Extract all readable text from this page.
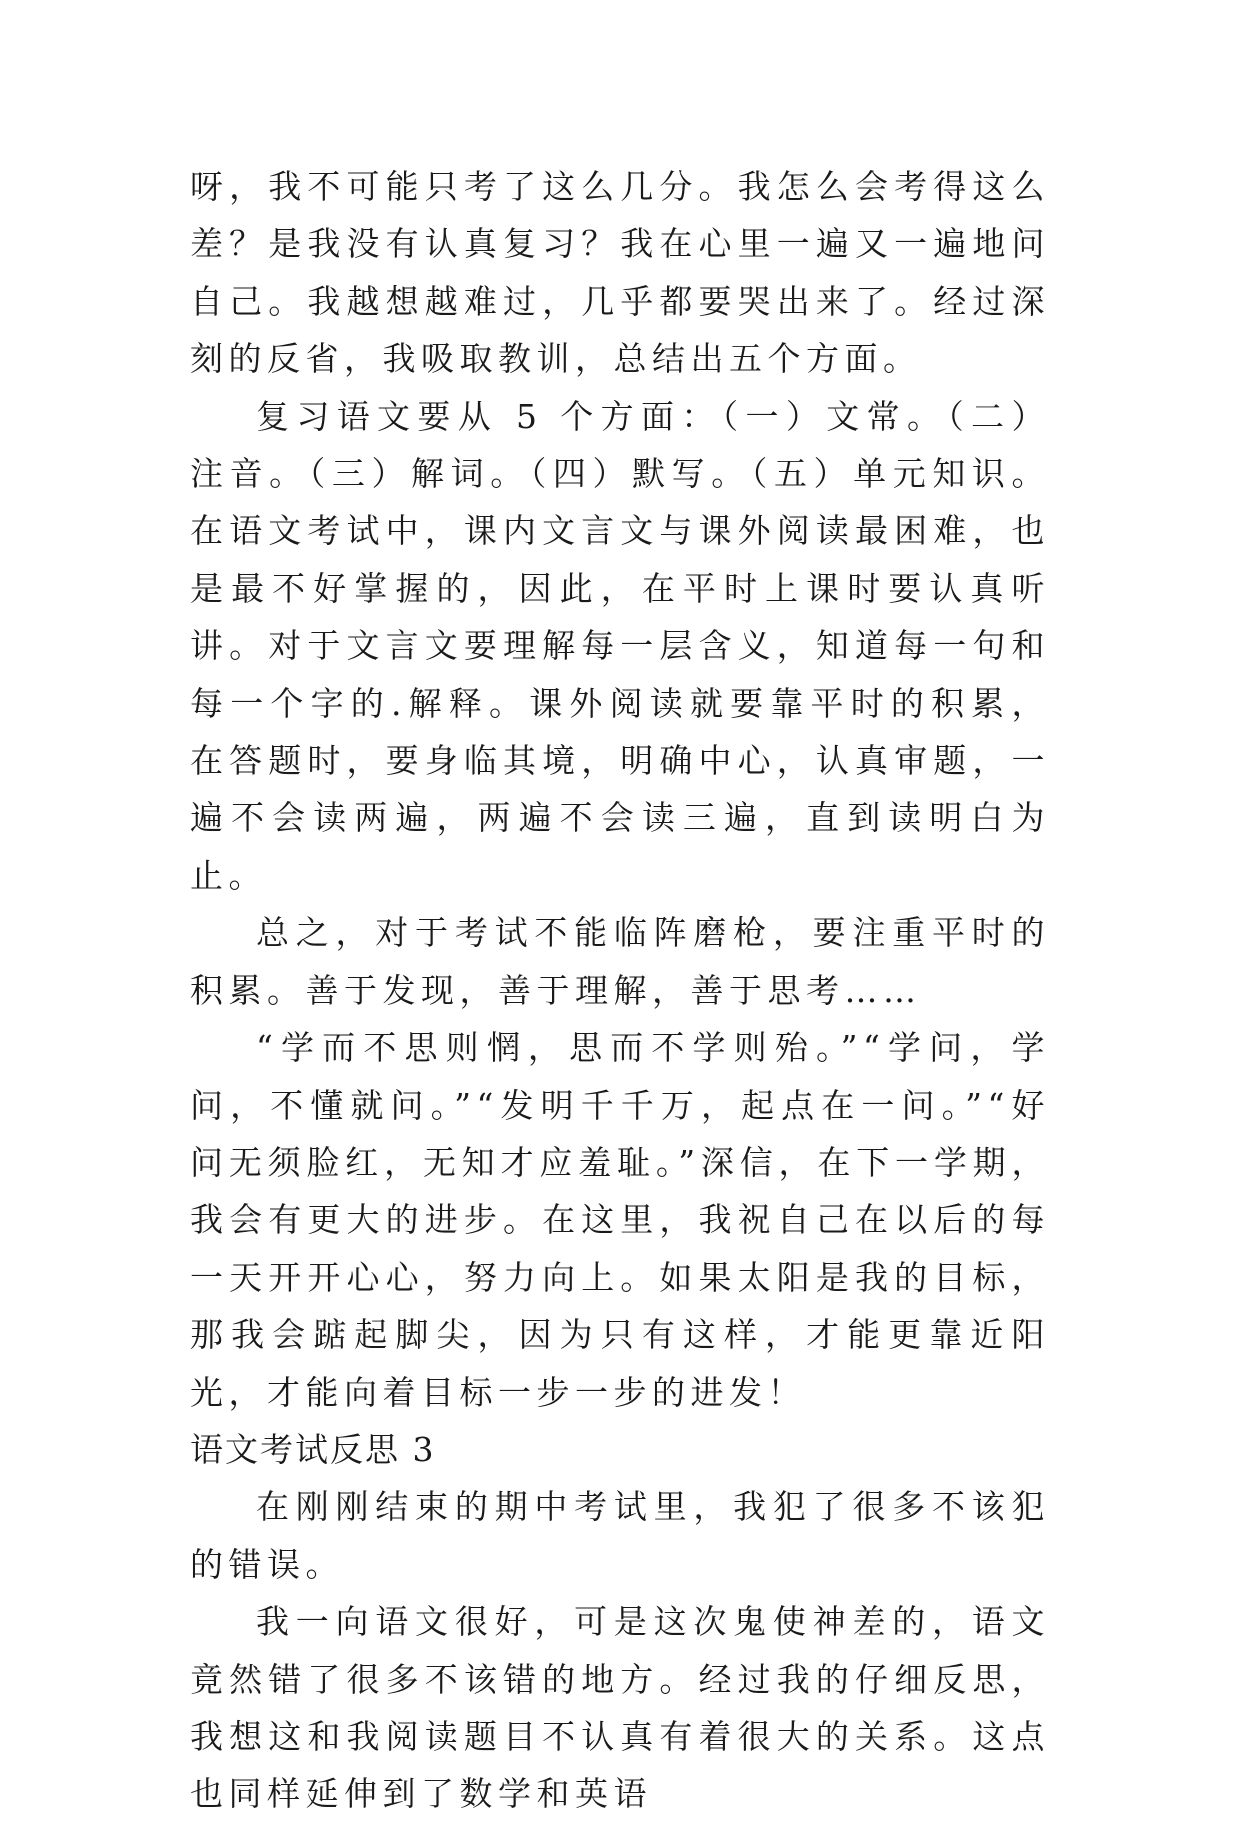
呀，我不可能只考了这么几分。我怎么会考得这么差？是我没有认真复习？我在心里一遍又一遍地问自己。我越想越难过，几乎都要哭出来了。经过深刻的反省，我吸取教训，总结出五个方面。

复习语文要从 5 个方面：（一）文常。（二）注音。（三）解词。（四）默写。（五）单元知识。在语文考试中，课内文言文与课外阅读最困难，也是最不好掌握的，因此，在平时上课时要认真听讲。对于文言文要理解每一层含义，知道每一句和每一个字的.解释。课外阅读就要靠平时的积累，在答题时，要身临其境，明确中心，认真审题，一遍不会读两遍，两遍不会读三遍，直到读明白为止。

总之，对于考试不能临阵磨枪，要注重平时的积累。善于发现，善于理解，善于思考……

“学而不思则惘，思而不学则殆。”“学问，学问，不懂就问。”“发明千千万，起点在一问。”“好问无须脸红，无知才应羞耻。”深信，在下一学期，我会有更大的进步。在这里，我祝自己在以后的每一天开开心心，努力向上。如果太阳是我的目标，那我会踮起脚尖，因为只有这样，才能更靠近阳光，才能向着目标一步一步的进发！

语文考试反思 3

在刚刚结束的期中考试里，我犯了很多不该犯的错误。

我一向语文很好，可是这次鬼使神差的，语文竟然错了很多不该错的地方。经过我的仔细反思，我想这和我阅读题目不认真有着很大的关系。这点也同样延伸到了数学和英语
